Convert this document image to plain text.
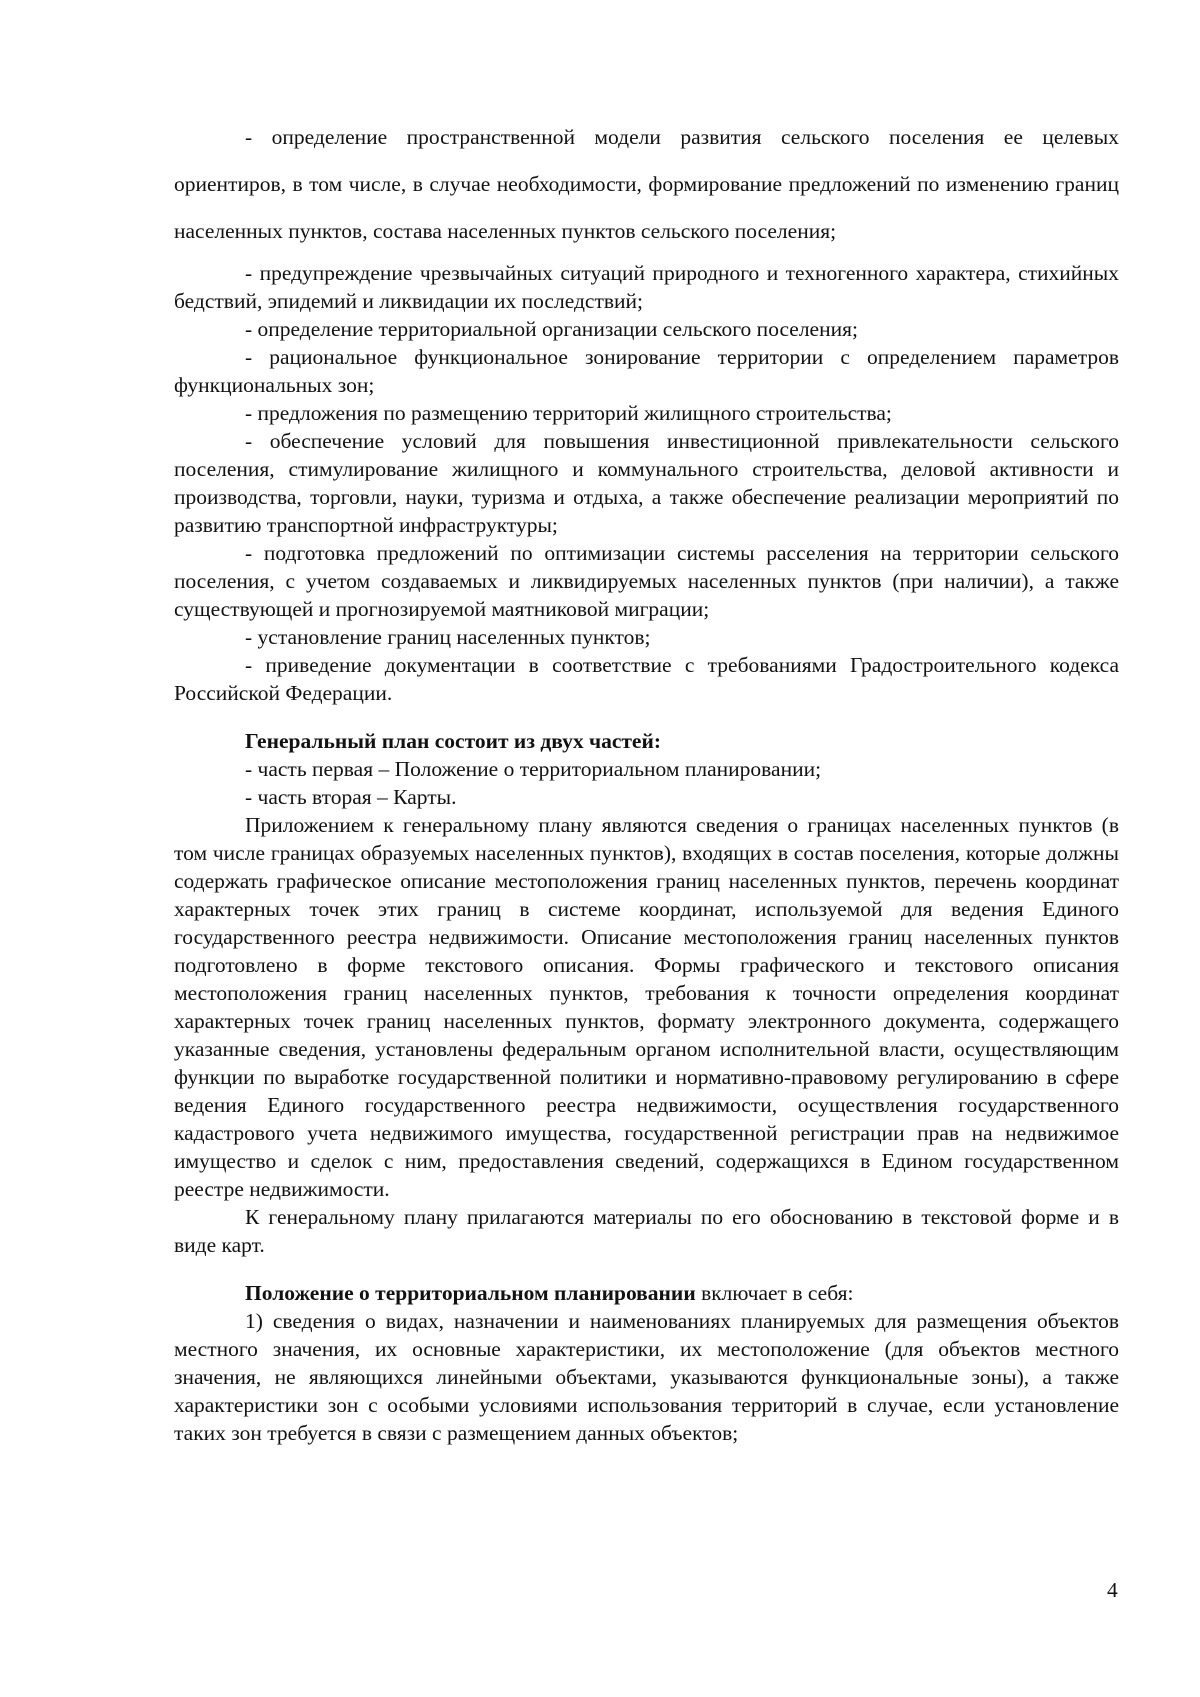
- определение пространственной модели развития сельского поселения ее целевых ориентиров, в том числе, в случае необходимости, формирование предложений по изменению границ населенных пунктов, состава населенных пунктов сельского поселения;

- предупреждение чрезвычайных ситуаций природного и техногенного характера, стихийных бедствий, эпидемий и ликвидации их последствий;

- определение территориальной организации сельского поселения;

- рациональное функциональное зонирование территории с определением параметров функциональных зон;

- предложения по размещению территорий жилищного строительства;

- обеспечение условий для повышения инвестиционной привлекательности сельского поселения, стимулирование жилищного и коммунального строительства, деловой активности и производства, торговли, науки, туризма и отдыха, а также обеспечение реализации мероприятий по развитию транспортной инфраструктуры;

- подготовка предложений по оптимизации системы расселения на территории сельского поселения, с учетом создаваемых и ликвидируемых населенных пунктов (при наличии), а также существующей и прогнозируемой маятниковой миграции;

- установление границ населенных пунктов;

- приведение документации в соответствие с требованиями Градостроительного кодекса Российской Федерации.

Генеральный план состоит из двух частей:

- часть первая – Положение о территориальном планировании;

- часть вторая – Карты.

Приложением к генеральному плану являются сведения о границах населенных пунктов (в том числе границах образуемых населенных пунктов), входящих в состав поселения, которые должны содержать графическое описание местоположения границ населенных пунктов, перечень координат характерных точек этих границ в системе координат, используемой для ведения Единого государственного реестра недвижимости. Описание местоположения границ населенных пунктов подготовлено в форме текстового описания. Формы графического и текстового описания местоположения границ населенных пунктов, требования к точности определения координат характерных точек границ населенных пунктов, формату электронного документа, содержащего указанные сведения, установлены федеральным органом исполнительной власти, осуществляющим функции по выработке государственной политики и нормативно-правовому регулированию в сфере ведения Единого государственного реестра недвижимости, осуществления государственного кадастрового учета недвижимого имущества, государственной регистрации прав на недвижимое имущество и сделок с ним, предоставления сведений, содержащихся в Едином государственном реестре недвижимости.

К генеральному плану прилагаются материалы по его обоснованию в текстовой форме и в виде карт.

Положение о территориальном планировании включает в себя:

1) сведения о видах, назначении и наименованиях планируемых для размещения объектов местного значения, их основные характеристики, их местоположение (для объектов местного значения, не являющихся линейными объектами, указываются функциональные зоны), а также характеристики зон с особыми условиями использования территорий в случае, если установление таких зон требуется в связи с размещением данных объектов;

4
